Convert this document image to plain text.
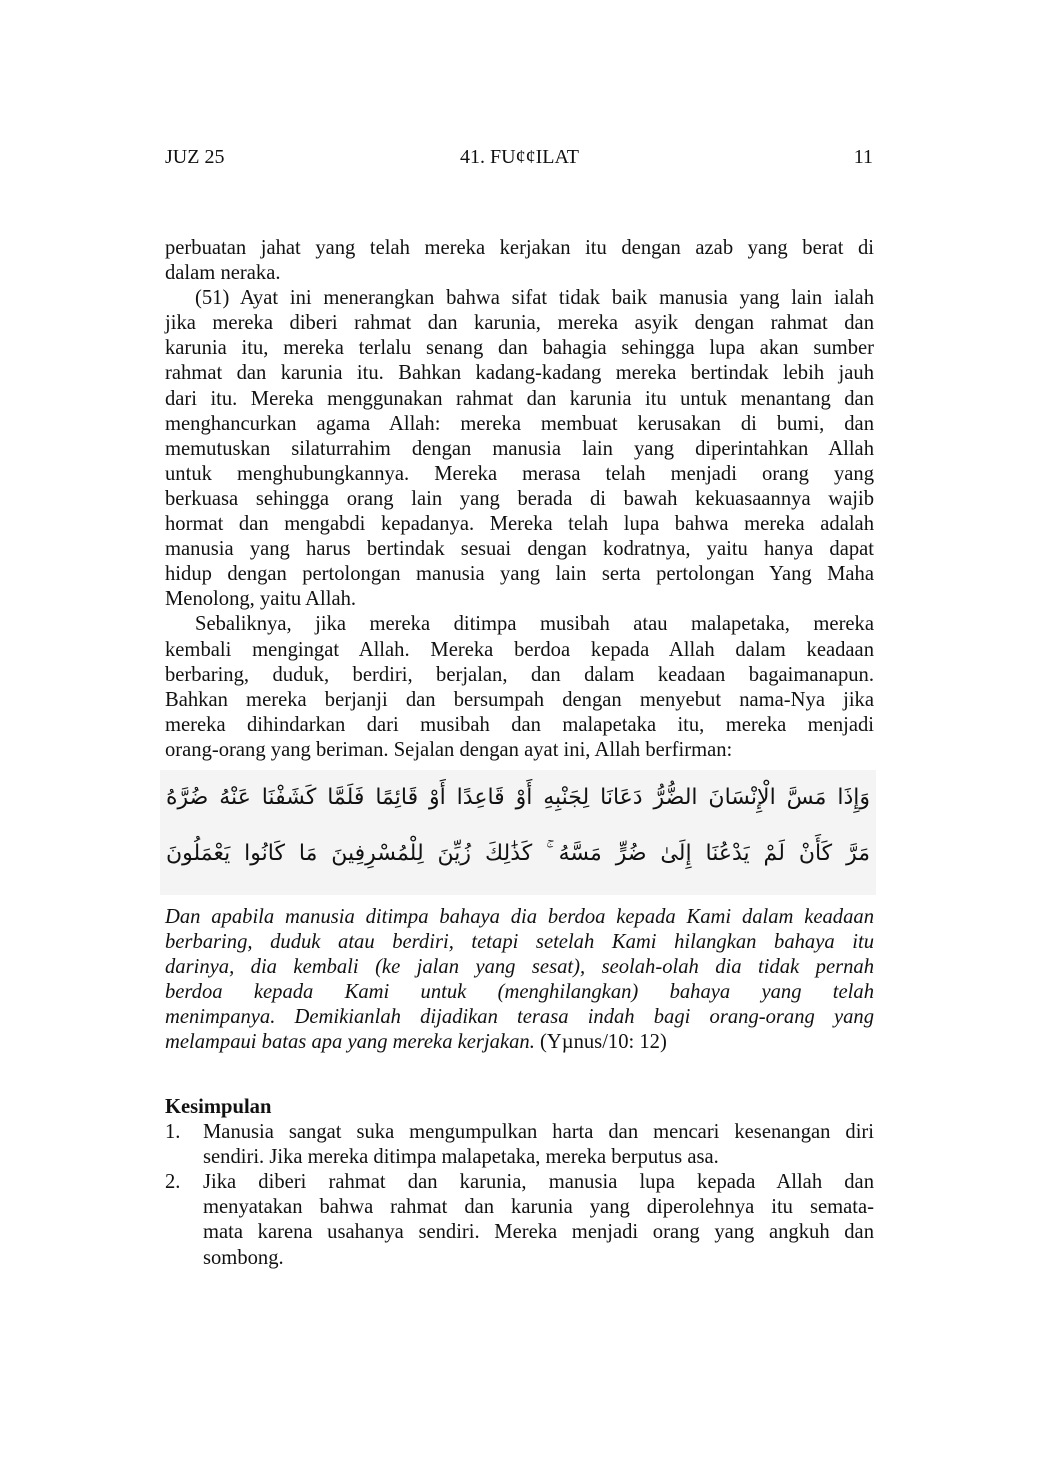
JUZ 25	41. FU¢¢ILAT	11
perbuatan jahat yang telah mereka kerjakan itu dengan azab yang berat di
dalam neraka.
(51) Ayat ini menerangkan bahwa sifat tidak baik manusia yang lain ialah
jika mereka diberi rahmat dan karunia, mereka asyik dengan rahmat dan
karunia itu, mereka terlalu senang dan bahagia sehingga lupa akan sumber
rahmat dan karunia itu. Bahkan kadang-kadang mereka bertindak lebih jauh
dari itu. Mereka menggunakan rahmat dan karunia itu untuk menantang dan
menghancurkan agama Allah: mereka membuat kerusakan di bumi, dan
memutuskan silaturrahim dengan manusia lain yang diperintahkan Allah
untuk menghubungkannya. Mereka merasa telah menjadi orang yang
berkuasa sehingga orang lain yang berada di bawah kekuasaannya wajib
hormat dan mengabdi kepadanya. Mereka telah lupa bahwa mereka adalah
manusia yang harus bertindak sesuai dengan kodratnya, yaitu hanya dapat
hidup dengan pertolongan manusia yang lain serta pertolongan Yang Maha
Menolong, yaitu Allah.
Sebaliknya, jika mereka ditimpa musibah atau malapetaka, mereka
kembali mengingat Allah. Mereka berdoa kepada Allah dalam keadaan
berbaring, duduk, berdiri, berjalan, dan dalam keadaan bagaimanapun.
Bahkan mereka berjanji dan bersumpah dengan menyebut nama-Nya jika
mereka dihindarkan dari musibah dan malapetaka itu, mereka menjadi
orang-orang yang beriman. Sejalan dengan ayat ini, Allah berfirman:
وَإِذَا مَسَّ الْإِنْسَانَ الضُّرُّ دَعَانَا لِجَنْبِهِ أَوْ قَاعِدًا أَوْ قَائِمًا فَلَمَّا كَشَفْنَا عَنْهُ ضُرَّهُ
مَرَّ كَأَنْ لَمْ يَدْعُنَا إِلَىٰ ضُرٍّ مَسَّهُ ۚ كَذَٰلِكَ زُيِّنَ لِلْمُسْرِفِينَ مَا كَانُوا يَعْمَلُونَ
Dan apabila manusia ditimpa bahaya dia berdoa kepada Kami dalam keadaan
berbaring, duduk atau berdiri, tetapi setelah Kami hilangkan bahaya itu
darinya, dia kembali (ke jalan yang sesat), seolah-olah dia tidak pernah
berdoa kepada Kami untuk (menghilangkan) bahaya yang telah
menimpanya. Demikianlah dijadikan terasa indah bagi orang-orang yang
melampaui batas apa yang mereka kerjakan. (Yµnus/10: 12)
Kesimpulan
1.	Manusia sangat suka mengumpulkan harta dan mencari kesenangan diri
sendiri. Jika mereka ditimpa malapetaka, mereka berputus asa.
2.	Jika diberi rahmat dan karunia, manusia lupa kepada Allah dan
menyatakan bahwa rahmat dan karunia yang diperolehnya itu semata-
mata karena usahanya sendiri. Mereka menjadi orang yang angkuh dan
sombong.
